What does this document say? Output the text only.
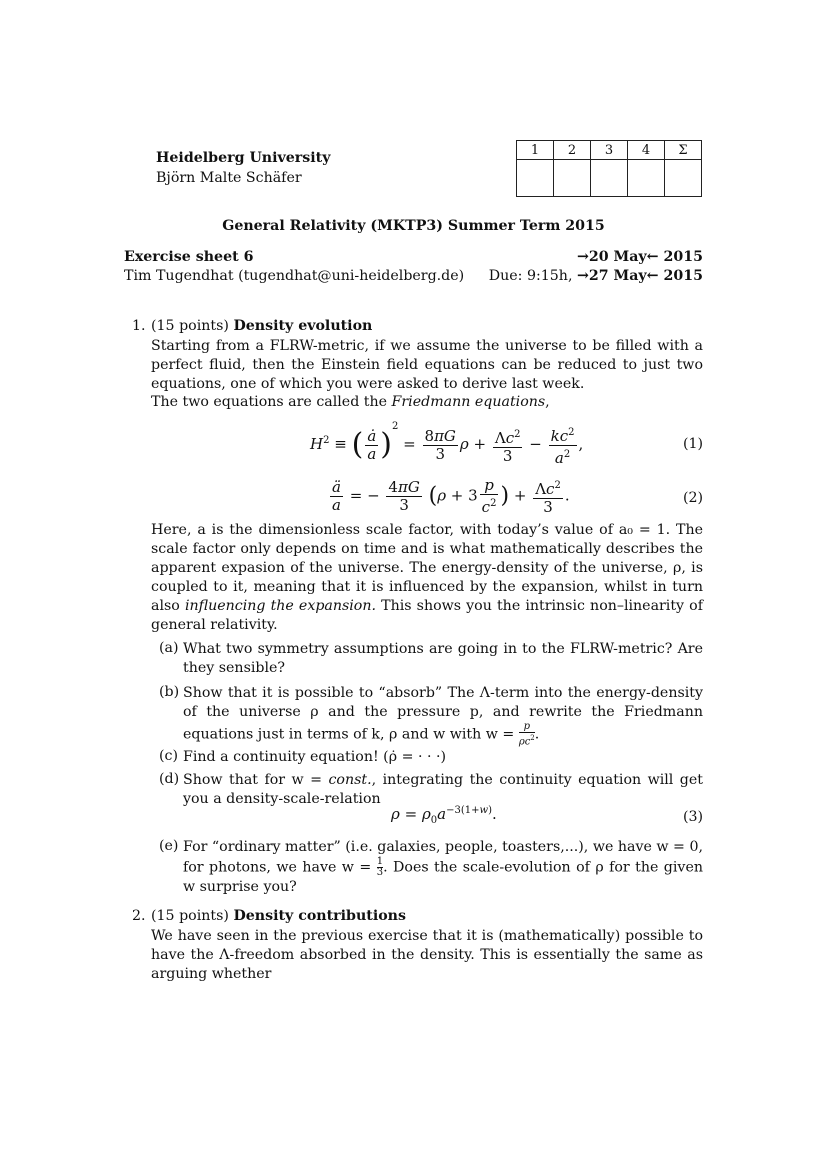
Heidelberg University
Björn Malte Schäfer
1	2	3	4	Σ

General Relativity (MKTP3) Summer Term 2015
Exercise sheet 6	→20 May← 2015
Tim Tugendhat (tugendhat@uni-heidelberg.de)	Due: 9:15h, →27 May← 2015
1. (15 points) Density evolution
Starting from a FLRW-metric, if we assume the universe to be filled with a perfect fluid, then the Einstein field equations can be reduced to just two equations, one of which you were asked to derive last week.
The two equations are called the Friedmann equations,
$H^2$ ≡ ( $\frac{ȧ}{a} )^2 = \frac{8\pi G}{3}$ $\rho + \frac{\Lambda c^2}{3} - \frac{kc^2}{a^2}$ ,	(1)
$\frac{ä}{a}$ = − $\frac{4\pi G}{3} (\rho + 3 \frac{p}{c^2}$ ) + $\frac{\Lambda c^2}{3}$ .	(2)
Here, a is the dimensionless scale factor, with today’s value of a₀ = 1. The scale factor only depends on time and is what mathematically describes the apparent expasion of the universe. The energy-density of the universe, ρ, is coupled to it, meaning that it is influenced by the expansion, whilst in turn also influencing the expansion. This shows you the intrinsic non–linearity of general relativity.
(a) What two symmetry assumptions are going in to the FLRW-metric? Are they sensible?
(b) Show that it is possible to “absorb” The Λ-term into the energy-density of the universe ρ and the pressure p, and rewrite the Friedmann equations just in terms of k, ρ and w with $w = \frac{p}{\rho c^2}$ .
(c) Find a continuity equation! (ρ̇ = · · ·)
(d) Show that for w = const., integrating the continuity equation will get you a density-scale-relation
$\rho = \rho_0a^{-3(1+w)}$.	(3)
(e) For “ordinary matter” (i.e. galaxies, people, toasters,...), we have w = 0, for photons, we have $w = \frac{1}{3}$ . Does the scale-evolution of ρ for the given w surprise you?
2. (15 points) Density contributions
We have seen in the previous exercise that it is (mathematically) possible to have the Λ-freedom absorbed in the density. This is essentially the same as arguing whether
